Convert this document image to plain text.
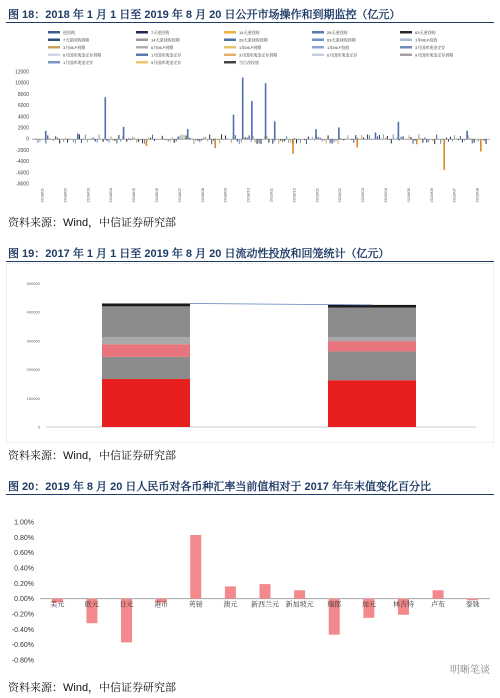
图 18：2018 年 1 月 1 日至 2019 年 8 月 20 日公开市场操作和到期监控（亿元）
逆回购	7天逆回购	14天逆回购	28天逆回购	63天逆回购
7天逆回购到期	14天逆回购到期	28天逆回购到期	63天逆回购到期	1年MLF投放
3月MLF到期	6月MLF到期	1年MLF到期	1年MLF投放	3月国库现金定存
6月国库现金定存到期	1月国库现金定存	3月国库现金定存到期	6月国库现金定存	9月国库现金定存到期
1月国库现金定存	9月国库现金定存	当日净投放
12000
10000
8000
6000
4000
2000
0
-2000
-4000
-6000
-8000
2018/01	2018/02	2018/03	2018/04	2018/05	2018/06	2018/07	2018/08	2018/09	2018/10	2018/11	2018/12	2019/01	2019/02	2019/03	2019/04	2019/05	2019/06	2019/07	2019/08
资料来源：Wind，中信证券研究部
图 19：2017 年 1 月 1 日至 2019 年 8 月 20 日流动性投放和回笼统计（亿元）
500000
400000
300000
200000
100000
0
资料来源：Wind，中信证券研究部
图 20：2019 年 8 月 20 日人民币对各币种汇率当前值相对于 2017 年年末值变化百分比
1.00%
0.80%
0.60%
0.40%
0.20%
0.00%
-0.20%
-0.40%
-0.60%
-0.80%
美元	欧元	日元	港币	英镑	澳元 新西兰元 新加坡元 瑞郎	加元 林吉特 卢布	泰铢
资料来源：Wind，中信证券研究部
明晰笔谈
